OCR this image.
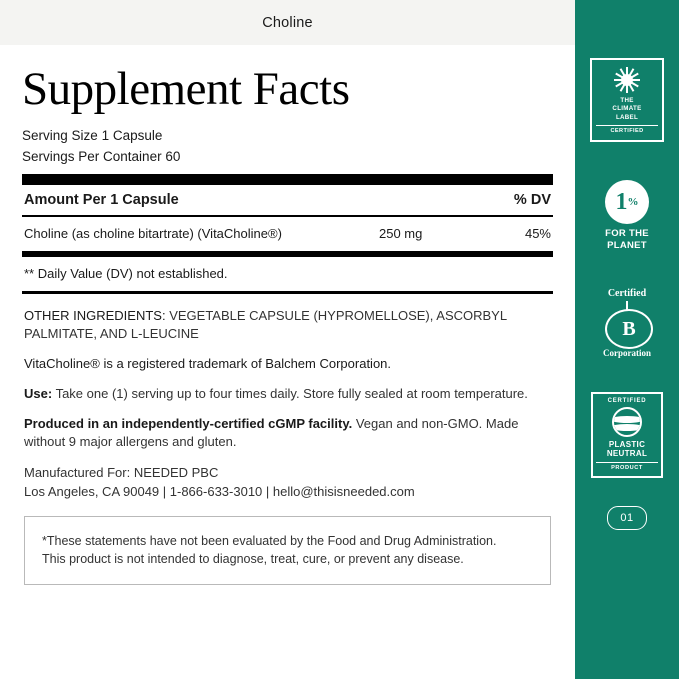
Choline
Supplement Facts
Serving Size 1 Capsule
Servings Per Container 60
Amount Per 1 Capsule	% DV
Choline (as choline bitartrate) (VitaCholine®)	250 mg	45%
** Daily Value (DV) not established.
OTHER INGREDIENTS: VEGETABLE CAPSULE (HYPROMELLOSE), ASCORBYL PALMITATE, AND L-LEUCINE
VitaCholine® is a registered trademark of Balchem Corporation.
Use: Take one (1) serving up to four times daily. Store fully sealed at room temperature.
Produced in an independently-certified cGMP facility. Vegan and non-GMO. Made without 9 major allergens and gluten.
Manufactured For: NEEDED PBC
Los Angeles, CA 90049 | 1-866-633-3010 | hello@thisisneeded.com
*These statements have not been evaluated by the Food and Drug Administration.
This product is not intended to diagnose, treat, cure, or prevent any disease.
THE
CLIMATE
LABEL
CERTIFIED
1 %
FOR THE
PLANET
Certified
B
Corporation
CERTIFIED
PLASTIC
NEUTRAL
PRODUCT
01
